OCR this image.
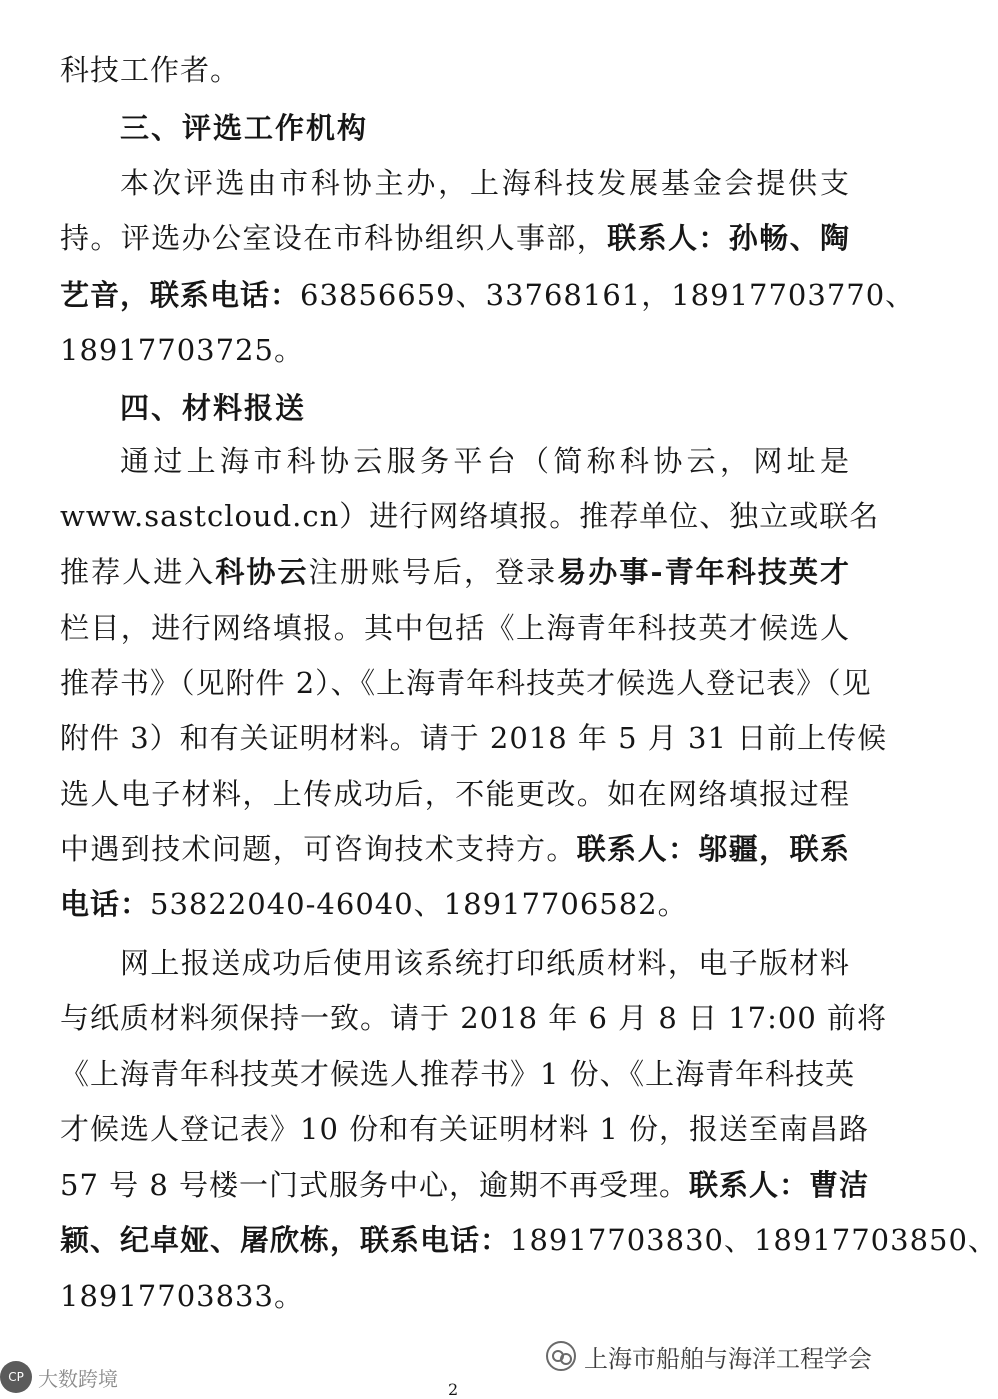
科技工作者。

三、评选工作机构

本次评选由市科协主办，上海科技发展基金会提供支

持。评选办公室设在市科协组织人事部，联系人：孙畅、陶

艺音，联系电话：63856659、33768161，18917703770、

18917703725。

四、材料报送

通过上海市科协云服务平台（简称科协云，网址是

www.sastcloud.cn）进行网络填报。推荐单位、独立或联名

推荐人进入科协云注册账号后，登录易办事-青年科技英才

栏目，进行网络填报。其中包括《上海青年科技英才候选人

推荐书》（见附件 2）、《上海青年科技英才候选人登记表》（见

附件 3）和有关证明材料。请于 2018 年 5 月 31 日前上传候

选人电子材料，上传成功后，不能更改。如在网络填报过程

中遇到技术问题，可咨询技术支持方。联系人：邬疆，联系

电话：53822040-46040、18917706582。

网上报送成功后使用该系统打印纸质材料，电子版材料

与纸质材料须保持一致。请于 2018 年 6 月 8 日 17:00 前将

《上海青年科技英才候选人推荐书》1 份、《上海青年科技英

才候选人登记表》10 份和有关证明材料 1 份，报送至南昌路

57 号 8 号楼一门式服务中心，逾期不再受理。联系人：曹洁

颖、纪卓娅、屠欣栋，联系电话：18917703830、18917703850、

18917703833。

CP 大数跨境
上海市船舶与海洋工程学会
2
